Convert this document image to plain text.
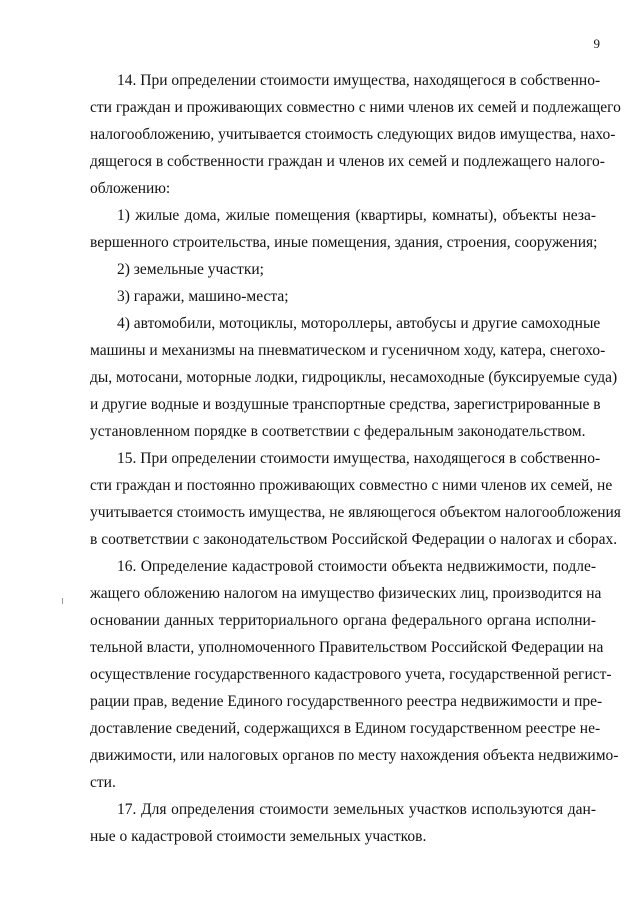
9
14. При определении стоимости имущества, находящегося в собственно-
сти граждан и проживающих совместно с ними членов их семей и подлежащего
налогообложению, учитывается стоимость следующих видов имущества, нахо-
дящегося в собственности граждан и членов их семей и подлежащего налого-
обложению:
1) жилые дома, жилые помещения (квартиры, комнаты), объекты неза-
вершенного строительства, иные помещения, здания, строения, сооружения;
2) земельные участки;
3) гаражи, машино-места;
4) автомобили, мотоциклы, мотороллеры, автобусы и другие самоходные
машины и механизмы на пневматическом и гусеничном ходу, катера, снегохо-
ды, мотосани, моторные лодки, гидроциклы, несамоходные (буксируемые суда)
и другие водные и воздушные транспортные средства, зарегистрированные в
установленном порядке в соответствии с федеральным законодательством.
15. При определении стоимости имущества, находящегося в собственно-
сти граждан и постоянно проживающих совместно с ними членов их семей, не
учитывается стоимость имущества, не являющегося объектом налогообложения
в соответствии с законодательством Российской Федерации о налогах и сборах.
16. Определение кадастровой стоимости объекта недвижимости, подле-
жащего обложению налогом на имущество физических лиц, производится на
основании данных территориального органа федерального органа исполни-
тельной власти, уполномоченного Правительством Российской Федерации на
осуществление государственного кадастрового учета, государственной регист-
рации прав, ведение Единого государственного реестра недвижимости и пре-
доставление сведений, содержащихся в Едином государственном реестре не-
движимости, или налоговых органов по месту нахождения объекта недвижимо-
сти.
17. Для определения стоимости земельных участков используются дан-
ные о кадастровой стоимости земельных участков.
